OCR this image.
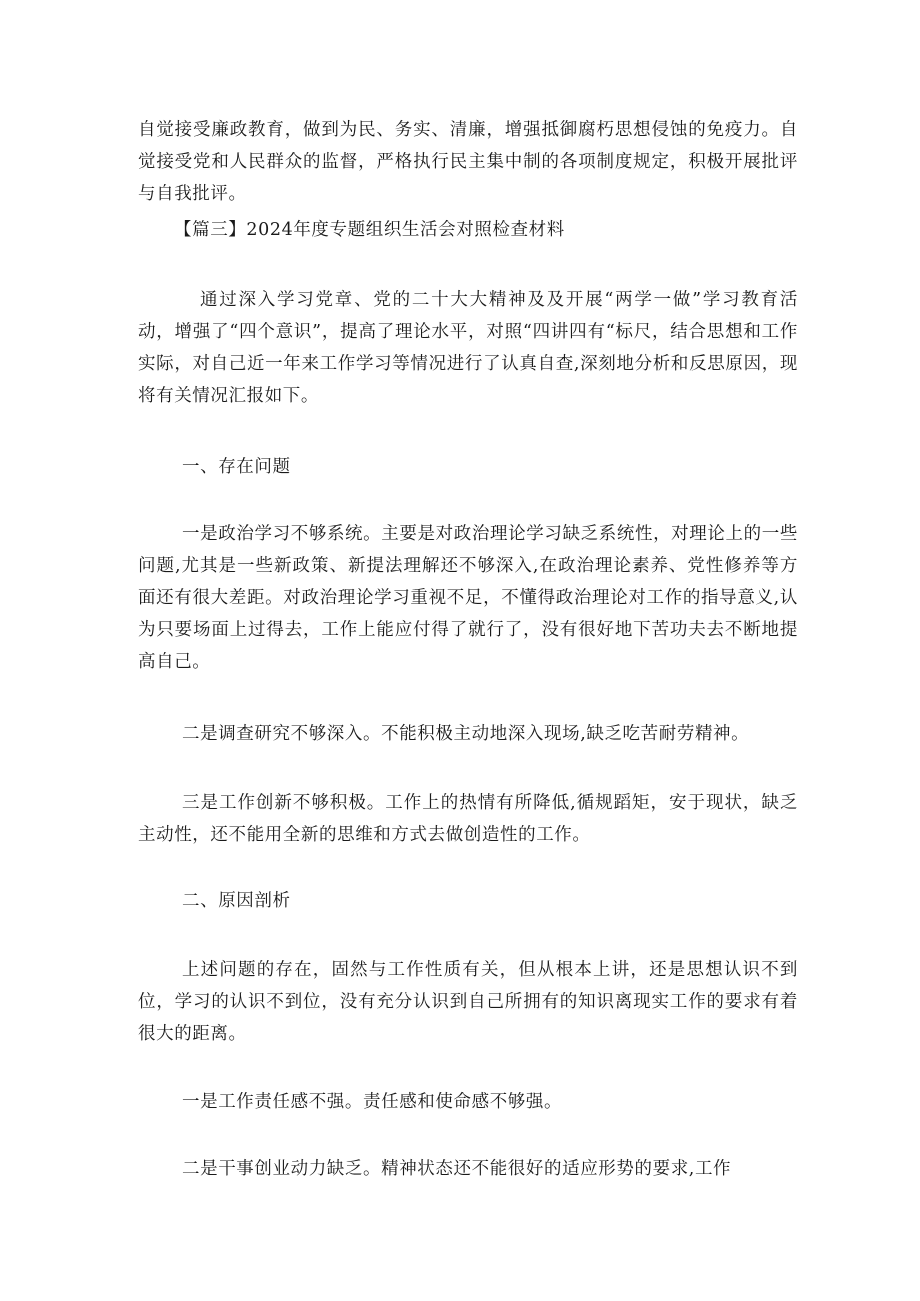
自觉接受廉政教育，做到为民、务实、清廉，增强抵御腐朽思想侵蚀的免疫力。自觉接受党和人民群众的监督，严格执行民主集中制的各项制度规定，积极开展批评与自我批评。

【篇三】2024年度专题组织生活会对照检查材料

通过深入学习党章、党的二十大大精神及及开展“两学一做”学习教育活动，增强了“四个意识”，提高了理论水平，对照“四讲四有“标尺，结合思想和工作实际，对自己近一年来工作学习等情况进行了认真自查,深刻地分析和反思原因，现将有关情况汇报如下。

一、存在问题

一是政治学习不够系统。主要是对政治理论学习缺乏系统性，对理论上的一些问题,尤其是一些新政策、新提法理解还不够深入,在政治理论素养、党性修养等方面还有很大差距。对政治理论学习重视不足，不懂得政治理论对工作的指导意义,认为只要场面上过得去，工作上能应付得了就行了，没有很好地下苦功夫去不断地提高自己。

二是调查研究不够深入。不能积极主动地深入现场,缺乏吃苦耐劳精神。

三是工作创新不够积极。工作上的热情有所降低,循规蹈矩，安于现状，缺乏主动性，还不能用全新的思维和方式去做创造性的工作。

二、原因剖析

上述问题的存在，固然与工作性质有关，但从根本上讲，还是思想认识不到位，学习的认识不到位，没有充分认识到自己所拥有的知识离现实工作的要求有着很大的距离。

一是工作责任感不强。责任感和使命感不够强。

二是干事创业动力缺乏。精神状态还不能很好的适应形势的要求,工作
